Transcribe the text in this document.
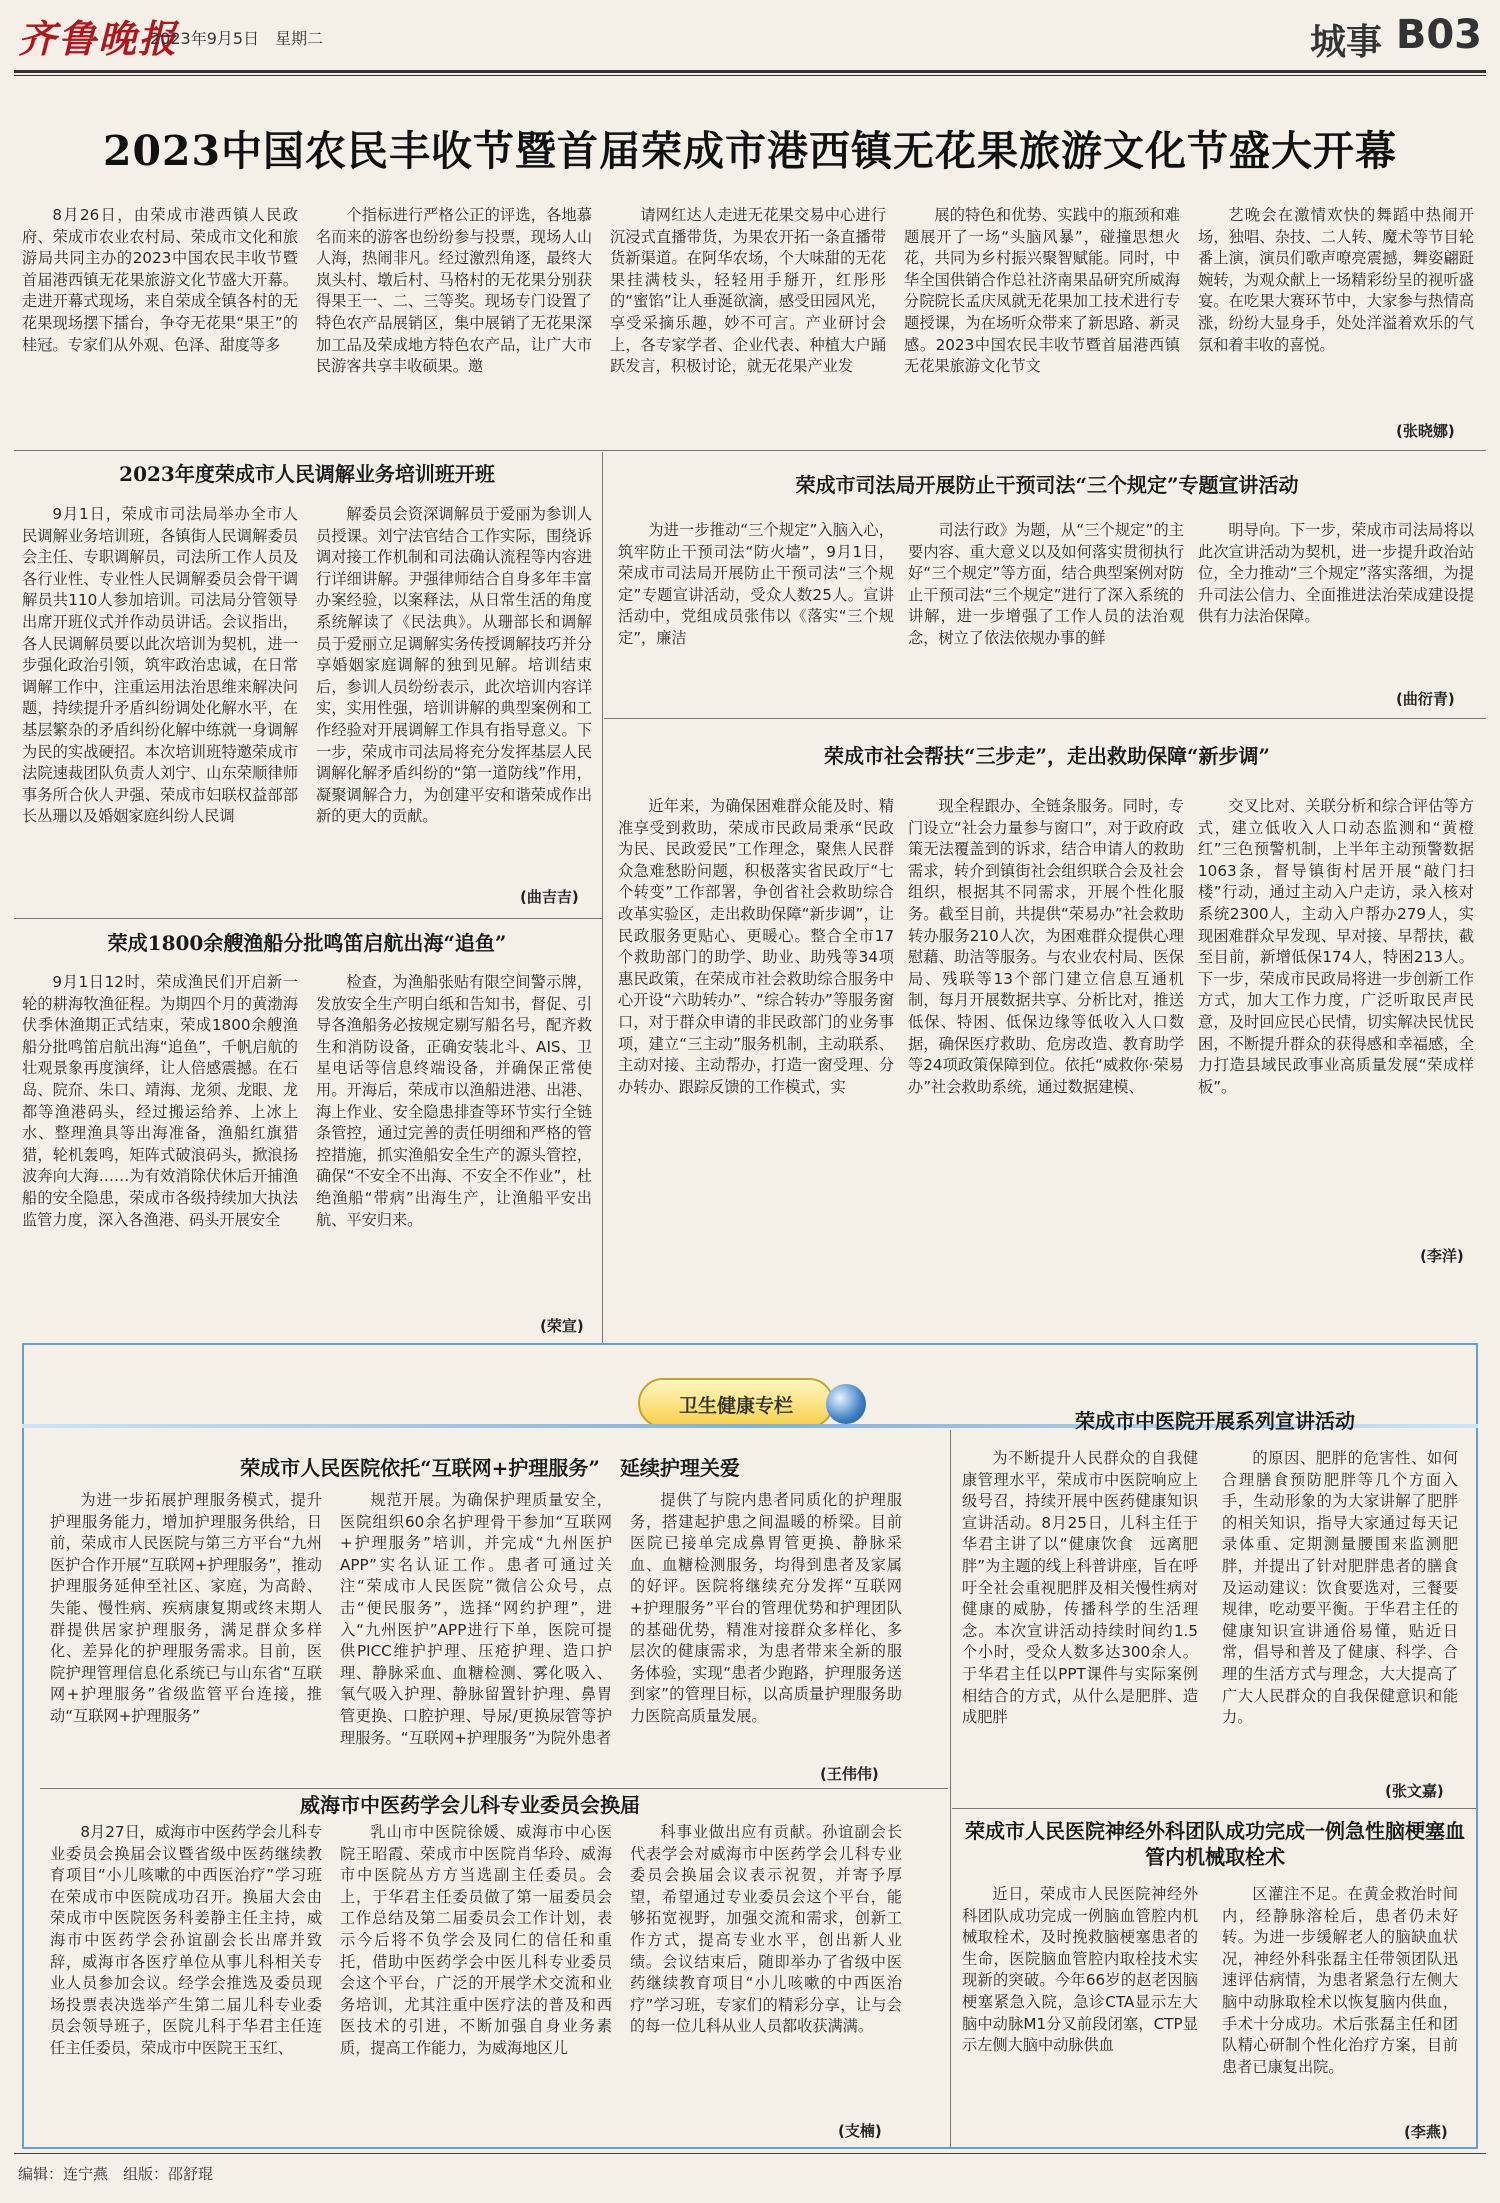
齐鲁晚报
2023年9月5日　星期二	城事 B03
2023中国农民丰收节暨首届荣成市港西镇无花果旅游文化节盛大开幕

8月26日，由荣成市港西镇人民政府、荣成市农业农村局、荣成市文化和旅游局共同主办的2023中国农民丰收节暨首届港西镇无花果旅游文化节盛大开幕。走进开幕式现场，来自荣成全镇各村的无花果现场摆下擂台，争夺无花果“果王”的桂冠。专家们从外观、色泽、甜度等多

个指标进行严格公正的评选，各地慕名而来的游客也纷纷参与投票，现场人山人海，热闹非凡。经过激烈角逐，最终大岚头村、墩后村、马格村的无花果分别获得果王一、二、三等奖。现场专门设置了特色农产品展销区，集中展销了无花果深加工品及荣成地方特色农产品，让广大市民游客共享丰收硕果。邀

请网红达人走进无花果交易中心进行沉浸式直播带货，为果农开拓一条直播带货新渠道。在阿华农场，个大味甜的无花果挂满枝头，轻轻用手掰开，红彤彤的“蜜馅”让人垂涎欲滴，感受田园风光，享受采摘乐趣，妙不可言。产业研讨会上，各专家学者、企业代表、种植大户踊跃发言，积极讨论，就无花果产业发

展的特色和优势、实践中的瓶颈和难题展开了一场“头脑风暴”，碰撞思想火花，共同为乡村振兴聚智赋能。同时，中华全国供销合作总社济南果品研究所威海分院院长孟庆凤就无花果加工技术进行专题授课，为在场听众带来了新思路、新灵感。2023中国农民丰收节暨首届港西镇无花果旅游文化节文

艺晚会在激情欢快的舞蹈中热闹开场，独唱、杂技、二人转、魔术等节目轮番上演，演员们歌声嘹亮震撼，舞姿翩跹婉转，为观众献上一场精彩纷呈的视听盛宴。在吃果大赛环节中，大家参与热情高涨，纷纷大显身手，处处洋溢着欢乐的气氛和着丰收的喜悦。

(张晓娜)
2023年度荣成市人民调解业务培训班开班

9月1日，荣成市司法局举办全市人民调解业务培训班，各镇街人民调解委员会主任、专职调解员，司法所工作人员及各行业性、专业性人民调解委员会骨干调解员共110人参加培训。司法局分管领导出席开班仪式并作动员讲话。会议指出，各人民调解员要以此次培训为契机，进一步强化政治引领，筑牢政治忠诚，在日常调解工作中，注重运用法治思维来解决问题，持续提升矛盾纠纷调处化解水平，在基层繁杂的矛盾纠纷化解中练就一身调解为民的实战硬招。本次培训班特邀荣成市法院速裁团队负责人刘宁、山东荣顺律师事务所合伙人尹强、荣成市妇联权益部部长丛珊以及婚姻家庭纠纷人民调

解委员会资深调解员于爱丽为参训人员授课。刘宁法官结合工作实际，围绕诉调对接工作机制和司法确认流程等内容进行详细讲解。尹强律师结合自身多年丰富办案经验，以案释法，从日常生活的角度系统解读了《民法典》。从珊部长和调解员于爱丽立足调解实务传授调解技巧并分享婚姻家庭调解的独到见解。培训结束后，参训人员纷纷表示，此次培训内容详实，实用性强，培训讲解的典型案例和工作经验对开展调解工作具有指导意义。下一步，荣成市司法局将充分发挥基层人民调解化解矛盾纠纷的“第一道防线”作用，凝聚调解合力，为创建平安和谐荣成作出新的更大的贡献。

(曲吉吉)
荣成1800余艘渔船分批鸣笛启航出海“追鱼”

9月1日12时，荣成渔民们开启新一轮的耕海牧渔征程。为期四个月的黄渤海伏季休渔期正式结束，荣成1800余艘渔船分批鸣笛启航出海“追鱼”，千帆启航的壮观景象再度演绎，让人倍感震撼。在石岛、院夼、朱口、靖海、龙须、龙眼、龙都等渔港码头，经过搬运给养、上冰上水、整理渔具等出海准备，渔船红旗猎猎，轮机轰鸣，矩阵式破浪码头，掀浪扬波奔向大海……为有效消除伏休后开捕渔船的安全隐患，荣成市各级持续加大执法监管力度，深入各渔港、码头开展安全

检查，为渔船张贴有限空间警示牌，发放安全生产明白纸和告知书，督促、引导各渔船务必按规定剔写船名号，配齐救生和消防设备，正确安装北斗、AIS、卫星电话等信息终端设备，并确保正常使用。开海后，荣成市以渔船进港、出港、海上作业、安全隐患排查等环节实行全链条管控，通过完善的责任明细和严格的管控措施，抓实渔船安全生产的源头管控，确保“不安全不出海、不安全不作业”，杜绝渔船“带病”出海生产，让渔船平安出航、平安归来。

(荣宣)
荣成市司法局开展防止干预司法“三个规定”专题宣讲活动

为进一步推动“三个规定”入脑入心，筑牢防止干预司法“防火墙”，9月1日，荣成市司法局开展防止干预司法“三个规定”专题宣讲活动，受众人数25人。宣讲活动中，党组成员张伟以《落实“三个规定”，廉洁

司法行政》为题，从“三个规定”的主要内容、重大意义以及如何落实贯彻执行好“三个规定”等方面，结合典型案例对防止干预司法“三个规定”进行了深入系统的讲解，进一步增强了工作人员的法治观念，树立了依法依规办事的鲜

明导向。下一步，荣成市司法局将以此次宣讲活动为契机，进一步提升政治站位，全力推动“三个规定”落实落细，为提升司法公信力、全面推进法治荣成建设提供有力法治保障。

(曲衍青)
荣成市社会帮扶“三步走”，走出救助保障“新步调”

近年来，为确保困难群众能及时、精准享受到救助，荣成市民政局秉承“民政为民、民政爱民”工作理念，聚焦人民群众急难愁盼问题，积极落实省民政厅“七个转变”工作部署，争创省社会救助综合改革实验区，走出救助保障“新步调”，让民政服务更贴心、更暖心。整合全市17个救助部门的助学、助业、助残等34项惠民政策，在荣成市社会救助综合服务中心开设“六助转办”、“综合转办”等服务窗口，对于群众申请的非民政部门的业务事项，建立“三主动”服务机制，主动联系、主动对接、主动帮办，打造一窗受理、分办转办、跟踪反馈的工作模式，实

现全程跟办、全链条服务。同时，专门设立“社会力量参与窗口”，对于政府政策无法覆盖到的诉求，结合申请人的救助需求，转介到镇街社会组织联合会及社会组织，根据其不同需求，开展个性化服务。截至目前，共提供“荣易办”社会救助转办服务210人次，为困难群众提供心理慰藉、助洁等服务。与农业农村局、医保局、残联等13个部门建立信息互通机制，每月开展数据共享、分析比对，推送低保、特困、低保边缘等低收入人口数据，确保医疗救助、危房改造、教育助学等24项政策保障到位。依托“威救你·荣易办”社会救助系统，通过数据建模、

交叉比对、关联分析和综合评估等方式，建立低收入人口动态监测和“黄橙红”三色预警机制，上半年主动预警数据1063条，督导镇街村居开展“敲门扫楼”行动，通过主动入户走访，录入核对系统2300人，主动入户帮办279人，实现困难群众早发现、早对接、早帮扶，截至目前，新增低保174人，特困213人。下一步，荣成市民政局将进一步创新工作方式，加大工作力度，广泛听取民声民意，及时回应民心民情，切实解决民忧民困，不断提升群众的获得感和幸福感，全力打造县域民政事业高质量发展“荣成样板”。

(李洋)
卫生健康专栏
荣成市人民医院依托“互联网+护理服务”　延续护理关爱

为进一步拓展护理服务模式，提升护理服务能力，增加护理服务供给，日前，荣成市人民医院与第三方平台“九州医护合作开展“互联网+护理服务”，推动护理服务延伸至社区、家庭，为高龄、失能、慢性病、疾病康复期或终末期人群提供居家护理服务，满足群众多样化、差异化的护理服务需求。目前，医院护理管理信息化系统已与山东省“互联网+护理服务”省级监管平台连接，推动“互联网+护理服务”

规范开展。为确保护理质量安全，医院组织60余名护理骨干参加“互联网+护理服务”培训，并完成“九州医护APP”实名认证工作。患者可通过关注“荣成市人民医院”微信公众号，点击“便民服务”，选择“网约护理”，进入“九州医护”APP进行下单，医院可提供PICC维护护理、压疮护理、造口护理、静脉采血、血糖检测、雾化吸入、氧气吸入护理、静脉留置针护理、鼻胃管更换、口腔护理、导尿/更换尿管等护理服务。“互联网+护理服务”为院外患者

提供了与院内患者同质化的护理服务，搭建起护患之间温暖的桥梁。目前医院已接单完成鼻胃管更换、静脉采血、血糖检测服务，均得到患者及家属的好评。医院将继续充分发挥“互联网+护理服务”平台的管理优势和护理团队的基础优势，精准对接群众多样化、多层次的健康需求，为患者带来全新的服务体验，实现“患者少跑路，护理服务送到家”的管理目标，以高质量护理服务助力医院高质量发展。

(王伟伟)
威海市中医药学会儿科专业委员会换届

8月27日，威海市中医药学会儿科专业委员会换届会议暨省级中医药继续教育项目“小儿咳嗽的中西医治疗”学习班在荣成市中医院成功召开。换届大会由荣成市中医院医务科姜静主任主持，威海市中医药学会孙谊副会长出席并致辞，威海市各医疗单位从事儿科相关专业人员参加会议。经学会推选及委员现场投票表决选举产生第二届儿科专业委员会领导班子，医院儿科于华君主任连任主任委员，荣成市中医院王玉红、

乳山市中医院徐媛、威海市中心医院王昭霞、荣成市中医院肖华玲、威海市中医院丛方方当选副主任委员。会上，于华君主任委员做了第一届委员会工作总结及第二届委员会工作计划，表示今后将不负学会及同仁的信任和重托，借助中医药学会中医儿科专业委员会这个平台，广泛的开展学术交流和业务培训，尤其注重中医疗法的普及和西医技术的引进，不断加强自身业务素质，提高工作能力，为威海地区儿

科事业做出应有贡献。孙谊副会长代表学会对威海市中医药学会儿科专业委员会换届会议表示祝贺，并寄予厚望，希望通过专业委员会这个平台，能够拓宽视野，加强交流和需求，创新工作方式，提高专业水平，创出新人业绩。会议结束后，随即举办了省级中医药继续教育项目“小儿咳嗽的中西医治疗”学习班，专家们的精彩分享，让与会的每一位儿科从业人员都收获满满。

(支楠)
荣成市中医院开展系列宣讲活动

为不断提升人民群众的自我健康管理水平，荣成市中医院响应上级号召，持续开展中医药健康知识宣讲活动。8月25日，儿科主任于华君主讲了以“健康饮食　远离肥胖”为主题的线上科普讲座，旨在呼吁全社会重视肥胖及相关慢性病对健康的威胁，传播科学的生活理念。本次宣讲活动持续时间约1.5个小时，受众人数多达300余人。于华君主任以PPT课件与实际案例相结合的方式，从什么是肥胖、造成肥胖

的原因、肥胖的危害性、如何合理膳食预防肥胖等几个方面入手，生动形象的为大家讲解了肥胖的相关知识，指导大家通过每天记录体重、定期测量腰围来监测肥胖，并提出了针对肥胖患者的膳食及运动建议：饮食要选对，三餐要规律，吃动要平衡。于华君主任的健康知识宣讲通俗易懂，贴近日常，倡导和普及了健康、科学、合理的生活方式与理念，大大提高了广大人民群众的自我保健意识和能力。

(张文嘉)
荣成市人民医院神经外科团队成功完成一例急性脑梗塞血管内机械取栓术

近日，荣成市人民医院神经外科团队成功完成一例脑血管腔内机械取栓术，及时挽救脑梗塞患者的生命，医院脑血管腔内取栓技术实现新的突破。今年66岁的赵老因脑梗塞紧急入院，急诊CTA显示左大脑中动脉M1分叉前段闭塞，CTP显示左侧大脑中动脉供血

区灌注不足。在黄金救治时间内，经静脉溶栓后，患者仍未好转。为进一步缓解老人的脑缺血状况，神经外科张磊主任带领团队迅速评估病情，为患者紧急行左侧大脑中动脉取栓术以恢复脑内供血，手术十分成功。术后张磊主任和团队精心研制个性化治疗方案，目前患者已康复出院。

(李燕)
编辑：连宁燕　组版：邵舒琨
